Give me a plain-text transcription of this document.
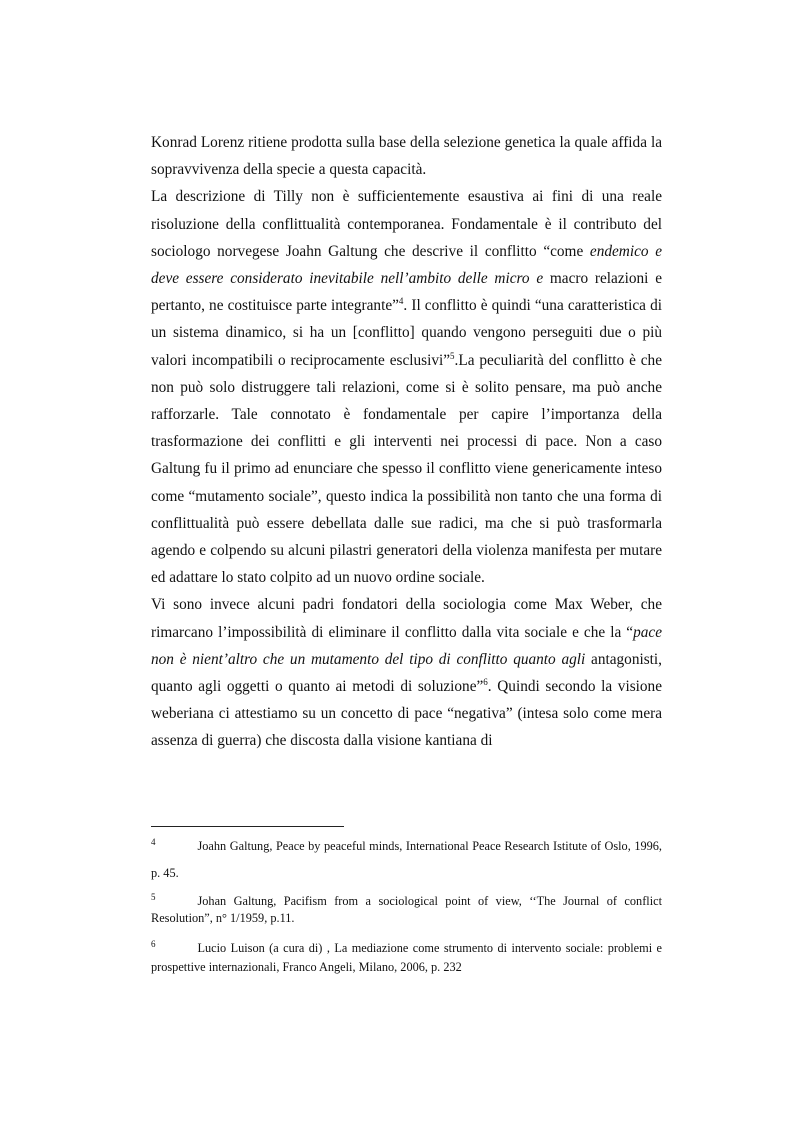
Konrad Lorenz ritiene prodotta sulla base della selezione genetica la quale affida la sopravvivenza della specie a questa capacità.

La descrizione di Tilly non è sufficientemente esaustiva ai fini di una reale risoluzione della conflittualità contemporanea. Fondamentale è il contributo del sociologo norvegese Joahn Galtung che descrive il conflitto “come endemico e deve essere considerato inevitabile nell’ambito delle micro e macro relazioni e pertanto, ne costituisce parte integrante”$^4$. Il conflitto è quindi “una caratteristica di un sistema dinamico, si ha un [conflitto] quando vengono perseguiti due o più valori incompatibili o reciprocamente esclusivi”$^5$.La peculiarità del conflitto è che non può solo distruggere tali relazioni, come si è solito pensare, ma può anche rafforzarle. Tale connotato è fondamentale per capire l’importanza della trasformazione dei conflitti e gli interventi nei processi di pace. Non a caso Galtung fu il primo ad enunciare che spesso il conflitto viene genericamente inteso come “mutamento sociale”, questo indica la possibilità non tanto che una forma di conflittualità può essere debellata dalle sue radici, ma che si può trasformarla agendo e colpendo su alcuni pilastri generatori della violenza manifesta per mutare ed adattare lo stato colpito ad un nuovo ordine sociale.

Vi sono invece alcuni padri fondatori della sociologia come Max Weber, che rimarcano l’impossibilità di eliminare il conflitto dalla vita sociale e che la “pace non è nient’altro che un mutamento del tipo di conflitto quanto agli antagonisti, quanto agli oggetti o quanto ai metodi di soluzione”$^6$. Quindi secondo la visione weberiana ci attestiamo su un concetto di pace “negativa” (intesa solo come mera assenza di guerra) che discosta dalla visione kantiana di

$^4$	Joahn Galtung, Peace by peaceful minds, International Peace Research Istitute of Oslo, 1996, p. 45.
$^5$	Johan Galtung, Pacifism from a sociological point of view, ‘‘The Journal of conflict Resolution”, n° 1/1959, p.11.
$^6$	Lucio Luison (a cura di) , La mediazione come strumento di intervento sociale: problemi e prospettive internazionali, Franco Angeli, Milano, 2006, p. 232
